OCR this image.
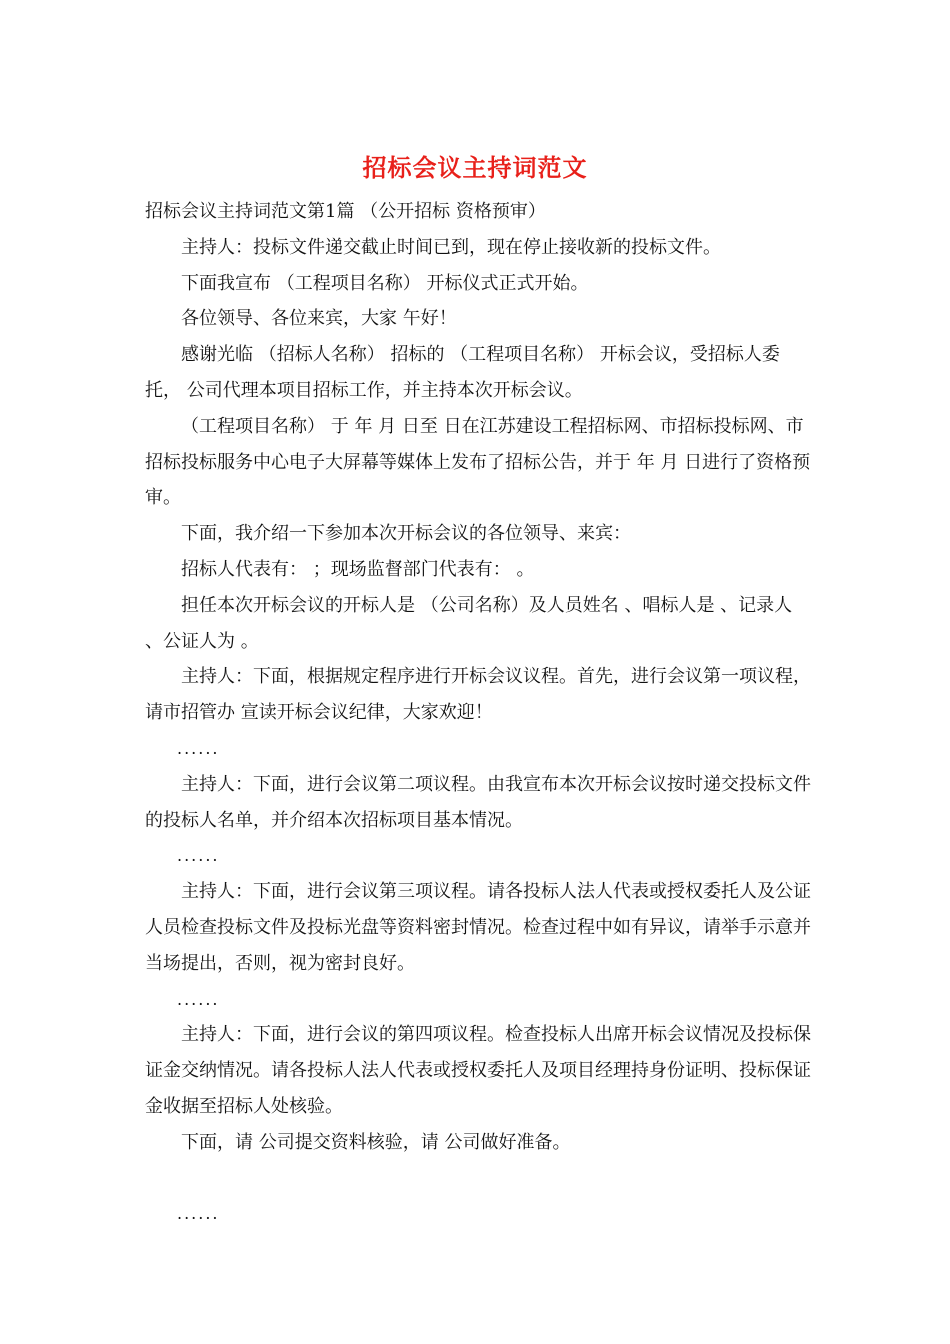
招标会议主持词范文

招标会议主持词范文第1篇 （公开招标 资格预审）

主持人：投标文件递交截止时间已到，现在停止接收新的投标文件。

下面我宣布 （工程项目名称） 开标仪式正式开始。

各位领导、各位来宾，大家 午好！

感谢光临 （招标人名称） 招标的 （工程项目名称） 开标会议，受招标人委托， 公司代理本项目招标工作，并主持本次开标会议。

（工程项目名称） 于 年 月 日至 日在江苏建设工程招标网、市招标投标网、市招标投标服务中心电子大屏幕等媒体上发布了招标公告，并于 年 月 日进行了资格预审。

下面，我介绍一下参加本次开标会议的各位领导、来宾：

招标人代表有： ；现场监督部门代表有： 。

担任本次开标会议的开标人是 （公司名称）及人员姓名 、唱标人是 、记录人 、公证人为 。

主持人：下面，根据规定程序进行开标会议议程。首先，进行会议第一项议程，请市招管办 宣读开标会议纪律，大家欢迎！

......

主持人：下面，进行会议第二项议程。由我宣布本次开标会议按时递交投标文件的投标人名单，并介绍本次招标项目基本情况。

......

主持人：下面，进行会议第三项议程。请各投标人法人代表或授权委托人及公证人员检查投标文件及投标光盘等资料密封情况。检查过程中如有异议，请举手示意并当场提出，否则，视为密封良好。

......

主持人：下面，进行会议的第四项议程。检查投标人出席开标会议情况及投标保证金交纳情况。请各投标人法人代表或授权委托人及项目经理持身份证明、投标保证金收据至招标人处核验。

下面，请 公司提交资料核验，请 公司做好准备。

......
